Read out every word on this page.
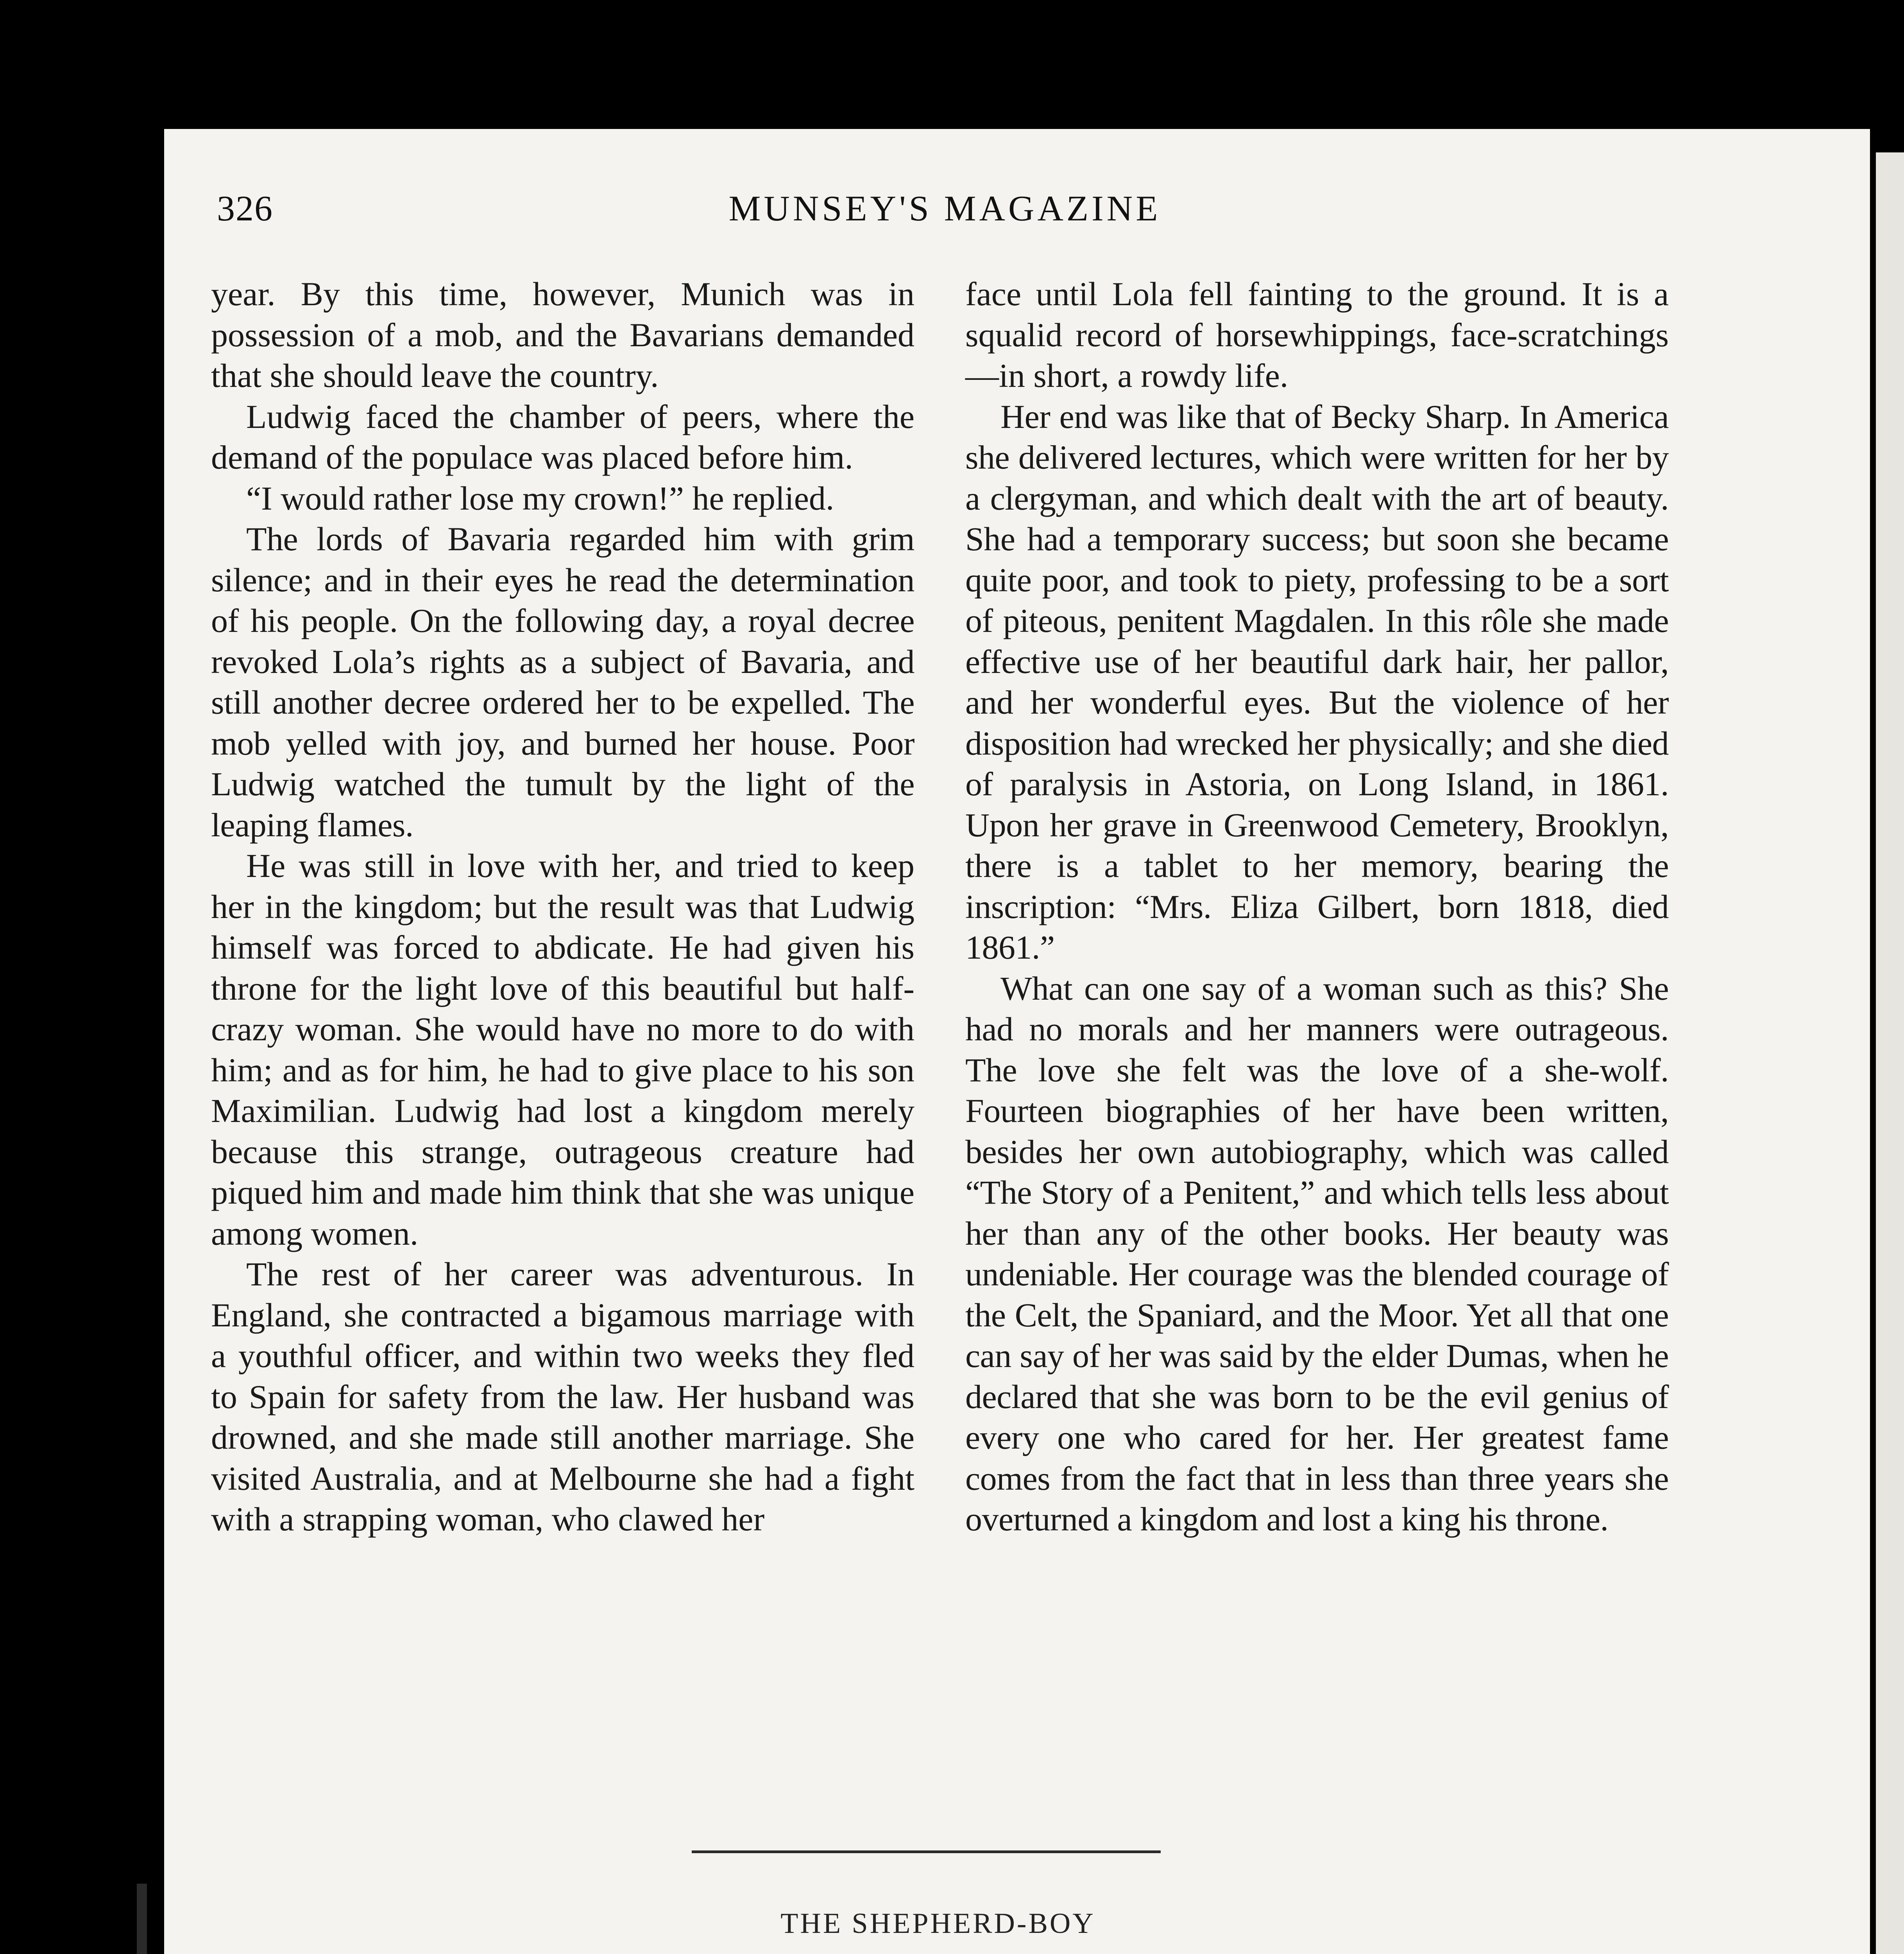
326	MUNSEY'S MAGAZINE

year. By this time, however, Munich was in possession of a mob, and the Bavarians demanded that she should leave the country.

Ludwig faced the chamber of peers, where the demand of the populace was placed before him.

“I would rather lose my crown!” he replied.

The lords of Bavaria regarded him with grim silence; and in their eyes he read the determination of his people. On the following day, a royal decree revoked Lola’s rights as a subject of Bavaria, and still another decree ordered her to be expelled. The mob yelled with joy, and burned her house. Poor Ludwig watched the tumult by the light of the leaping flames.

He was still in love with her, and tried to keep her in the kingdom; but the result was that Ludwig himself was forced to abdicate. He had given his throne for the light love of this beautiful but half-crazy woman. She would have no more to do with him; and as for him, he had to give place to his son Maximilian. Ludwig had lost a kingdom merely because this strange, outrageous creature had piqued him and made him think that she was unique among women.

The rest of her career was adventurous. In England, she contracted a bigamous marriage with a youthful officer, and within two weeks they fled to Spain for safety from the law. Her husband was drowned, and she made still another marriage. She visited Australia, and at Melbourne she had a fight with a strapping woman, who clawed her

face until Lola fell fainting to the ground. It is a squalid record of horsewhippings, face-scratchings—in short, a rowdy life.

Her end was like that of Becky Sharp. In America she delivered lectures, which were written for her by a clergyman, and which dealt with the art of beauty. She had a temporary success; but soon she became quite poor, and took to piety, professing to be a sort of piteous, penitent Magdalen. In this rôle she made effective use of her beautiful dark hair, her pallor, and her wonderful eyes. But the violence of her disposition had wrecked her physically; and she died of paralysis in Astoria, on Long Island, in 1861. Upon her grave in Greenwood Cemetery, Brooklyn, there is a tablet to her memory, bearing the inscription: “Mrs. Eliza Gilbert, born 1818, died 1861.”

What can one say of a woman such as this? She had no morals and her manners were outrageous. The love she felt was the love of a she-wolf. Fourteen biographies of her have been written, besides her own autobiography, which was called “The Story of a Penitent,” and which tells less about her than any of the other books. Her beauty was undeniable. Her courage was the blended courage of the Celt, the Spaniard, and the Moor. Yet all that one can say of her was said by the elder Dumas, when he declared that she was born to be the evil genius of every one who cared for her. Her greatest fame comes from the fact that in less than three years she overturned a kingdom and lost a king his throne.

THE SHEPHERD-BOY
